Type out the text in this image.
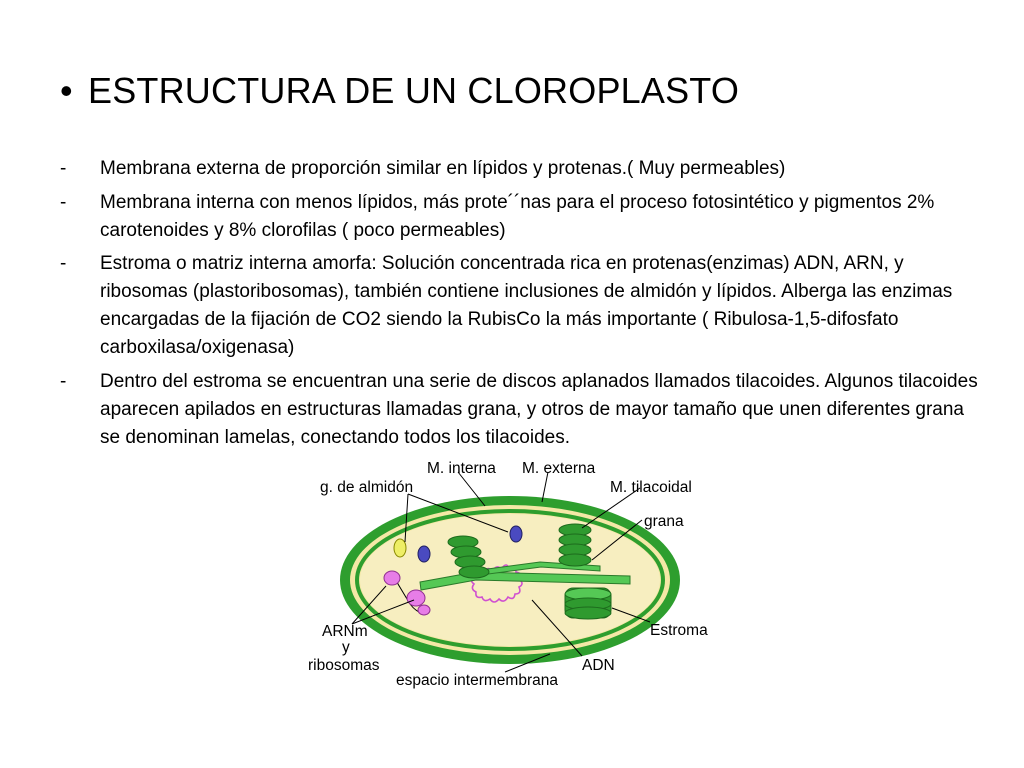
• ESTRUCTURA DE UN CLOROPLASTO
-	Membrana externa de proporción similar en lípidos y protenas.( Muy permeables)
-	Membrana interna con menos lípidos, más prote´´nas para el proceso fotosintético y pigmentos 2% carotenoides y 8% clorofilas ( poco permeables)
-	Estroma o matriz interna amorfa: Solución concentrada rica en protenas(enzimas) ADN, ARN, y ribosomas (plastoribosomas), también contiene inclusiones de almidón y lípidos. Alberga las enzimas encargadas de la fijación de CO2 siendo la RubisCo la más importante ( Ribulosa-1,5-difosfato carboxilasa/oxigenasa)
-	Dentro del estroma se encuentran una serie de discos aplanados llamados tilacoides. Algunos tilacoides aparecen apilados en estructuras llamadas grana, y otros de mayor tamaño que unen diferentes grana se denominan lamelas, conectando todos los tilacoides.
M. interna M. externa
g. de almidón	M. tilacoidal
grana
Estroma
ARNm
y
ribosomas	ADN
espacio intermembrana
